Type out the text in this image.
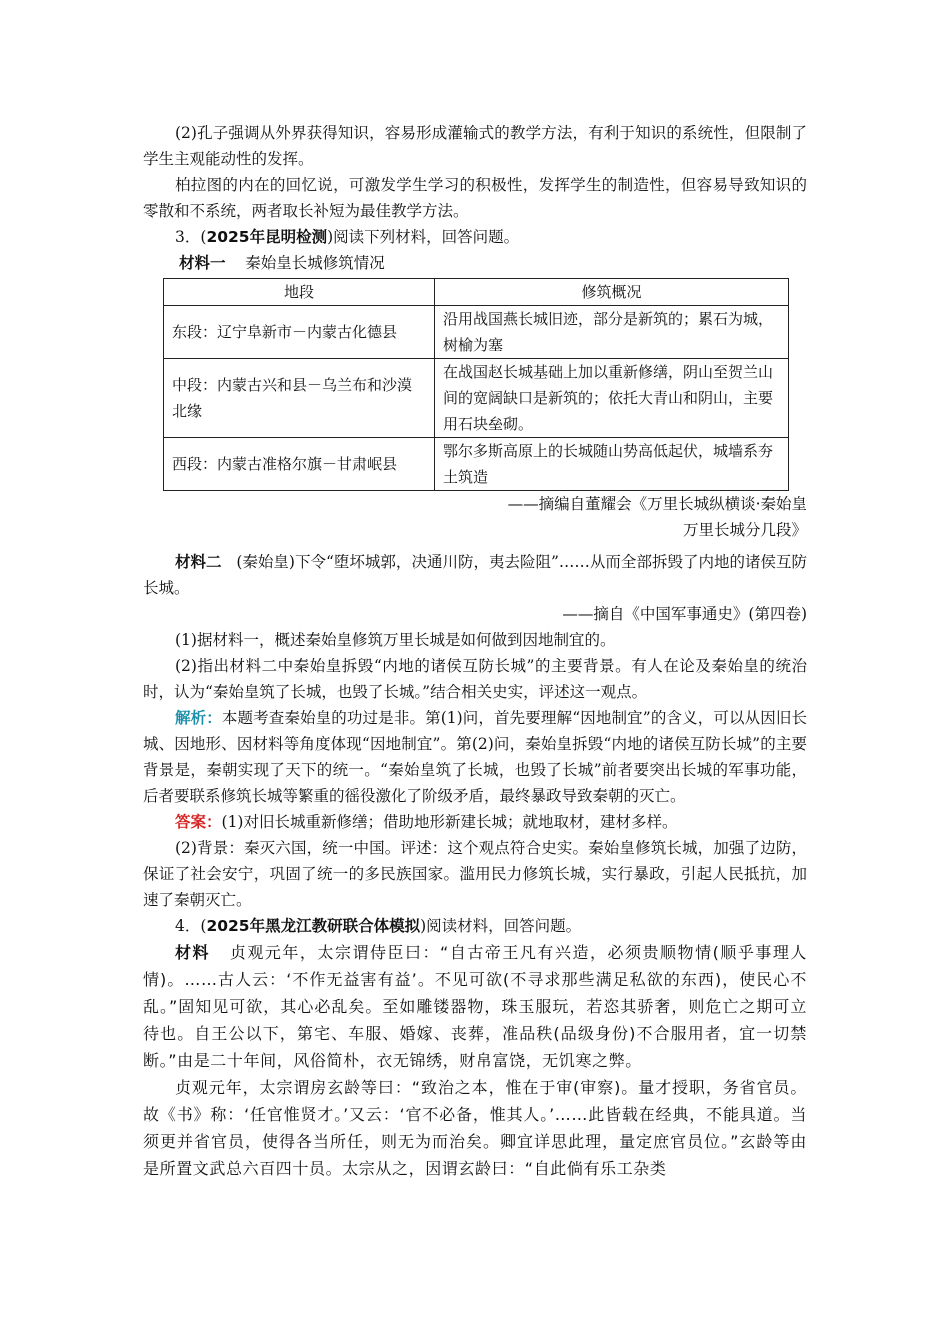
(2)孔子强调从外界获得知识，容易形成灌输式的教学方法，有利于知识的系统性，但限制了学生主观能动性的发挥。

柏拉图的内在的回忆说，可激发学生学习的积极性，发挥学生的制造性，但容易导致知识的零散和不系统，两者取长补短为最佳教学方法。

3．(2025年昆明检测)阅读下列材料，回答问题。

材料一 秦始皇长城修筑情况

地段	修筑概况
东段：辽宁阜新市－内蒙古化德县	沿用战国燕长城旧迹，部分是新筑的；累石为城，树榆为塞
中段：内蒙古兴和县－乌兰布和沙漠北缘	在战国赵长城基础上加以重新修缮，阴山至贺兰山间的宽阔缺口是新筑的；依托大青山和阴山，主要用石块垒砌。
西段：内蒙古准格尔旗－甘肃岷县	鄂尔多斯高原上的长城随山势高低起伏，城墙系夯土筑造

——摘编自董耀会《万里长城纵横谈·秦始皇

万里长城分几段》

材料二 (秦始皇)下令“堕坏城郭，决通川防，夷去险阻”……从而全部拆毁了内地的诸侯互防长城。

——摘自《中国军事通史》(第四卷)

(1)据材料一，概述秦始皇修筑万里长城是如何做到因地制宜的。

(2)指出材料二中秦始皇拆毁“内地的诸侯互防长城”的主要背景。有人在论及秦始皇的统治时，认为“秦始皇筑了长城，也毁了长城。”结合相关史实，评述这一观点。

解析：本题考查秦始皇的功过是非。第(1)问，首先要理解“因地制宜”的含义，可以从因旧长城、因地形、因材料等角度体现“因地制宜”。第(2)问，秦始皇拆毁“内地的诸侯互防长城”的主要背景是，秦朝实现了天下的统一。“秦始皇筑了长城，也毁了长城”前者要突出长城的军事功能，后者要联系修筑长城等繁重的徭役激化了阶级矛盾，最终暴政导致秦朝的灭亡。

答案：(1)对旧长城重新修缮；借助地形新建长城；就地取材，建材多样。

(2)背景：秦灭六国，统一中国。评述：这个观点符合史实。秦始皇修筑长城，加强了边防，保证了社会安宁，巩固了统一的多民族国家。滥用民力修筑长城，实行暴政，引起人民抵抗，加速了秦朝灭亡。

4．(2025年黑龙江教研联合体模拟)阅读材料，回答问题。

材料 贞观元年，太宗谓侍臣曰：“自古帝王凡有兴造，必须贵顺物情(顺乎事理人情)。……古人云：‘不作无益害有益’。不见可欲(不寻求那些满足私欲的东西)，使民心不乱。”固知见可欲，其心必乱矣。至如雕镂器物，珠玉服玩，若恣其骄奢，则危亡之期可立待也。自王公以下，第宅、车服、婚嫁、丧葬，准品秩(品级身份)不合服用者，宜一切禁断。”由是二十年间，风俗简朴，衣无锦绣，财帛富饶，无饥寒之弊。

贞观元年，太宗谓房玄龄等曰：“致治之本，惟在于审(审察)。量才授职，务省官员。故《书》称：‘任官惟贤才。’又云：‘官不必备，惟其人。’……此皆载在经典，不能具道。当须更并省官员，使得各当所任，则无为而治矣。卿宜详思此理，量定庶官员位。”玄龄等由是所置文武总六百四十员。太宗从之，因谓玄龄曰：“自此倘有乐工杂类
